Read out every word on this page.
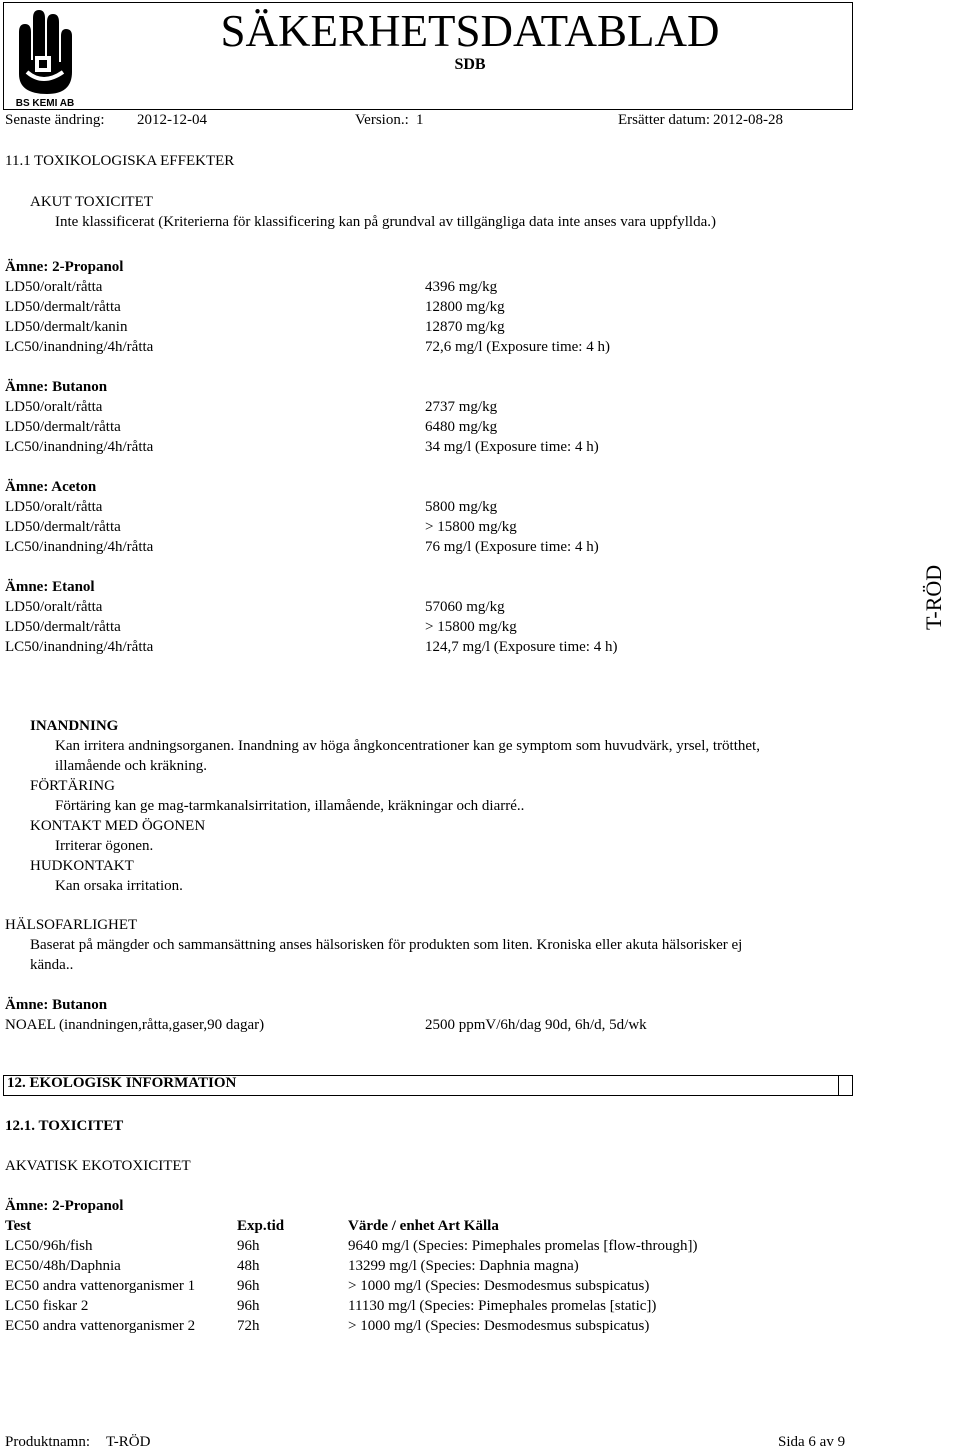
BS KEMI AB
SÄKERHETSDATABLAD
SDB
Senaste ändring: 2012-12-04	Version.: 1	Ersätter datum: 2012-08-28
11.1 TOXIKOLOGISKA EFFEKTER
AKUT TOXICITET
Inte klassificerat (Kriterierna för klassificering kan på grundval av tillgängliga data inte anses vara uppfyllda.)
Ämne: 2-Propanol
LD50/oralt/råtta	4396 mg/kg
LD50/dermalt/råtta	12800 mg/kg
LD50/dermalt/kanin	12870 mg/kg
LC50/inandning/4h/råtta	72,6 mg/l (Exposure time: 4 h)
Ämne: Butanon
LD50/oralt/råtta	2737 mg/kg
LD50/dermalt/råtta	6480 mg/kg
LC50/inandning/4h/råtta	34 mg/l (Exposure time: 4 h)
Ämne: Aceton
LD50/oralt/råtta	5800 mg/kg
LD50/dermalt/råtta	> 15800 mg/kg
LC50/inandning/4h/råtta	76 mg/l (Exposure time: 4 h)
Ämne: Etanol
LD50/oralt/råtta	57060 mg/kg
LD50/dermalt/råtta	> 15800 mg/kg
LC50/inandning/4h/råtta	124,7 mg/l (Exposure time: 4 h)
T-RÖD
INANDNING
Kan irritera andningsorganen. Inandning av höga ångkoncentrationer kan ge symptom som huvudvärk, yrsel, trötthet,
illamående och kräkning.
FÖRTÄRING
Förtäring kan ge mag-tarmkanalsirritation, illamående, kräkningar och diarré..
KONTAKT MED ÖGONEN
Irriterar ögonen.
HUDKONTAKT
Kan orsaka irritation.
HÄLSOFARLIGHET
Baserat på mängder och sammansättning anses hälsorisken för produkten som liten. Kroniska eller akuta hälsorisker ej
kända..
Ämne: Butanon
NOAEL (inandningen,råtta,gaser,90 dagar)	2500 ppmV/6h/dag 90d, 6h/d, 5d/wk
12. EKOLOGISK INFORMATION
12.1. TOXICITET
AKVATISK EKOTOXICITET
Ämne: 2-Propanol
Test	Exp.tid	Värde / enhet Art Källa
LC50/96h/fish	96h	9640 mg/l (Species: Pimephales promelas [flow-through])
EC50/48h/Daphnia	48h	13299 mg/l (Species: Daphnia magna)
EC50 andra vattenorganismer 1	96h	> 1000 mg/l (Species: Desmodesmus subspicatus)
LC50 fiskar 2	96h	11130 mg/l (Species: Pimephales promelas [static])
EC50 andra vattenorganismer 2	72h	> 1000 mg/l (Species: Desmodesmus subspicatus)
Produktnamn: T-RÖD	Sida 6 av 9
